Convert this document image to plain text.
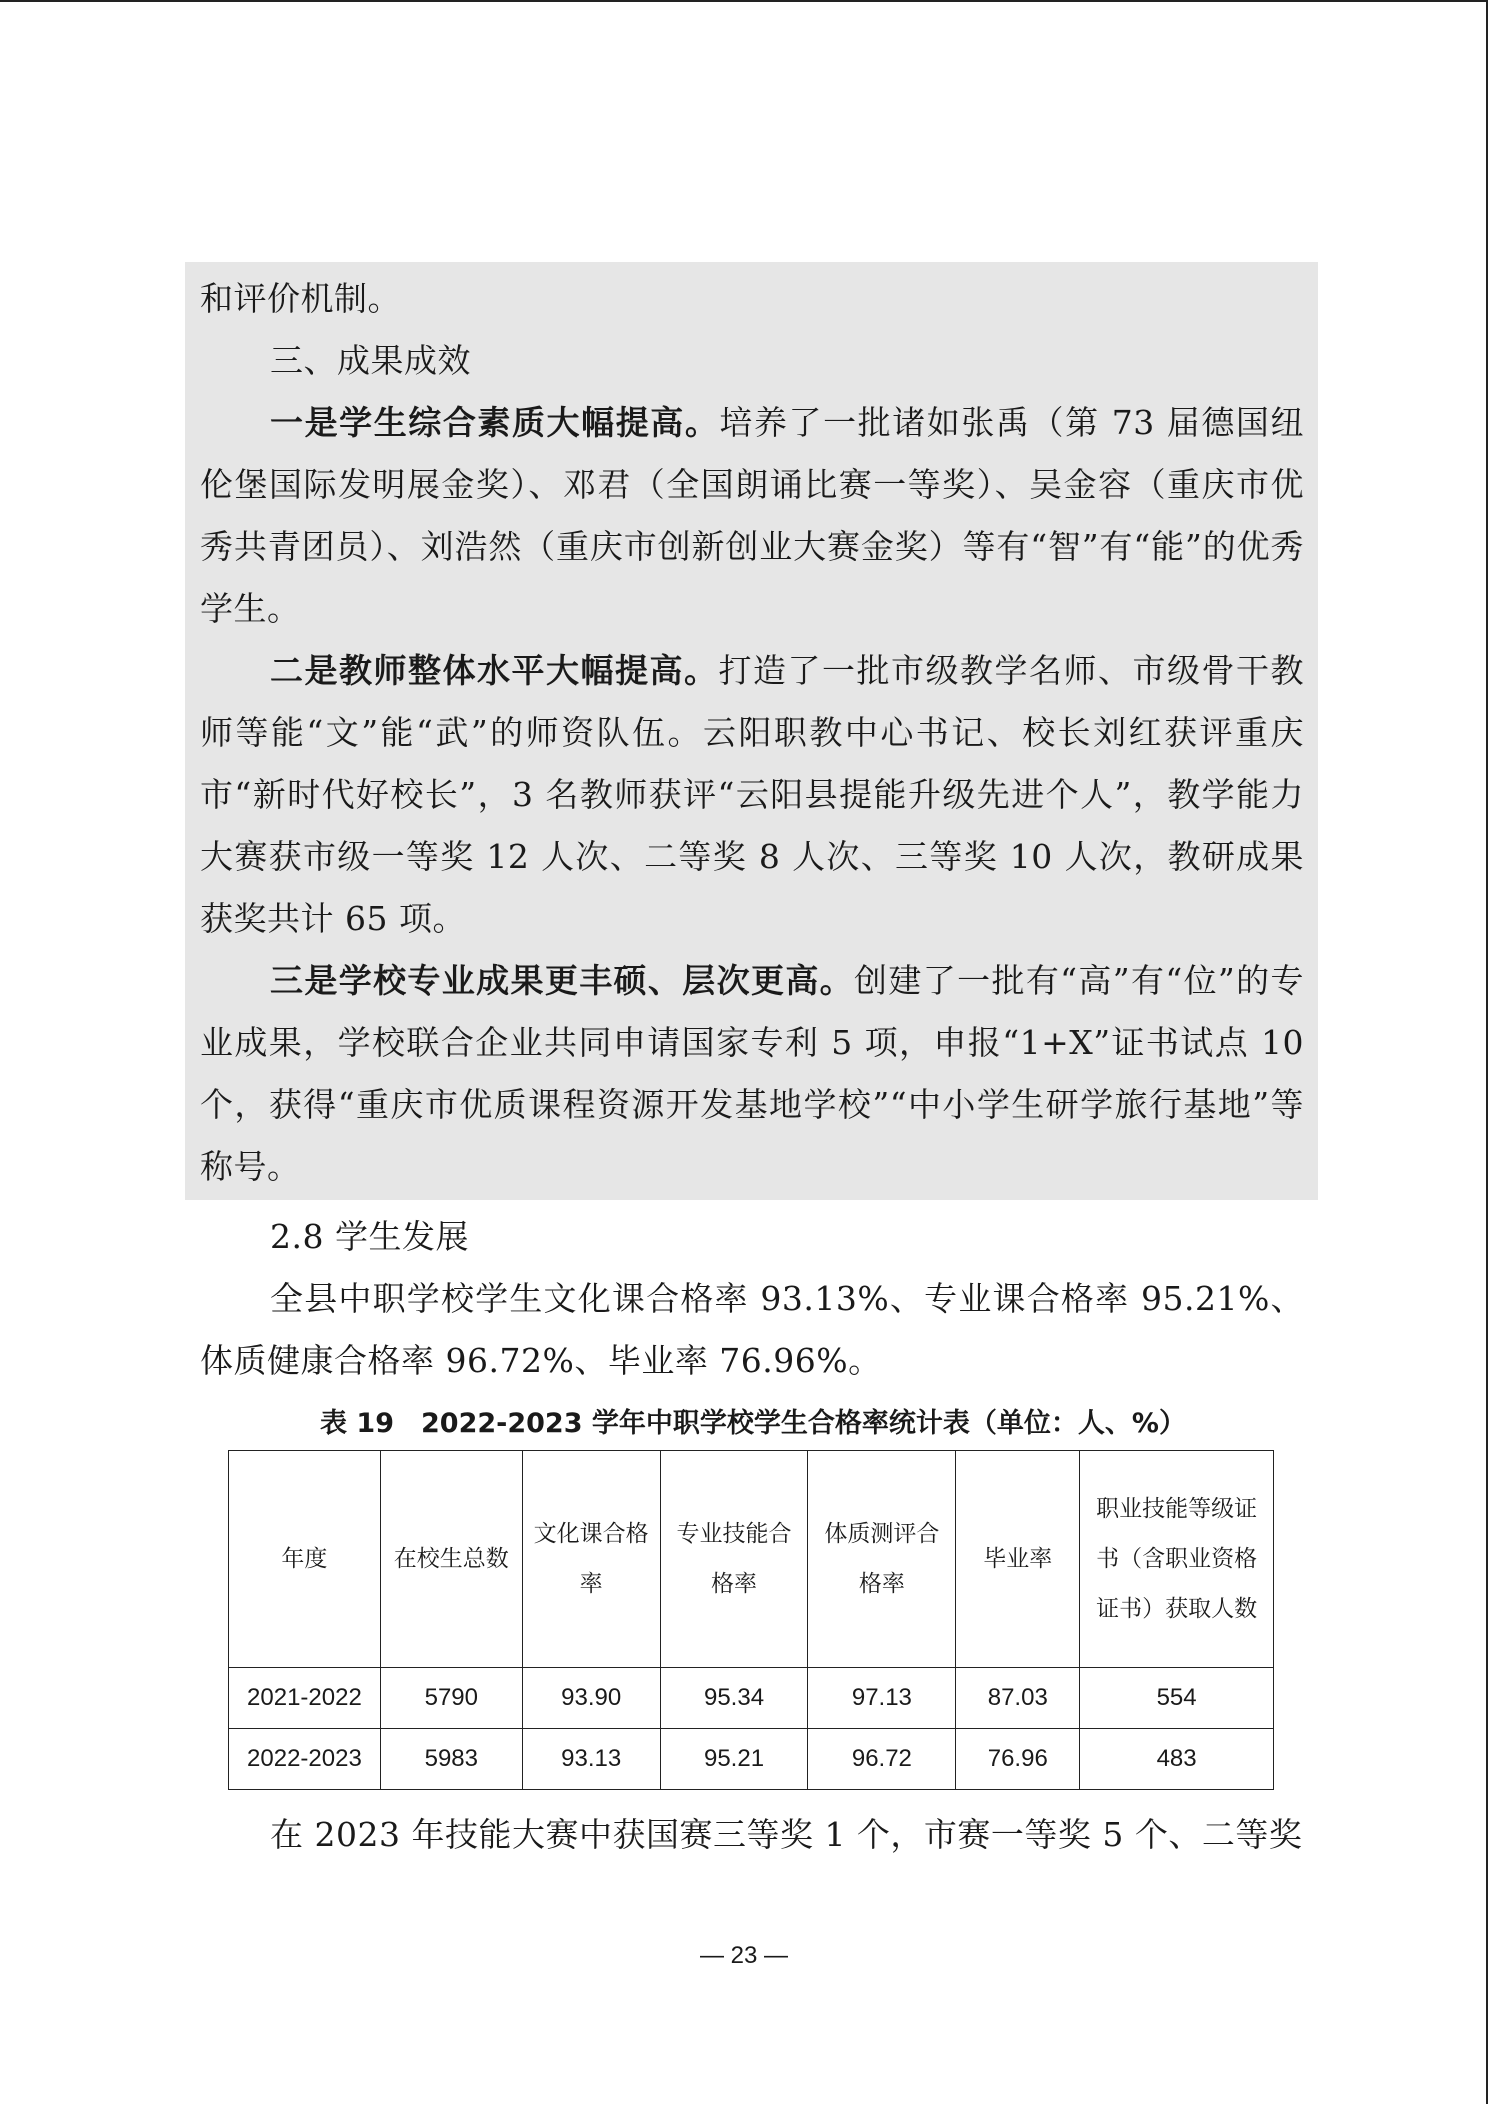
和评价机制。

三、成果成效

一是学生综合素质大幅提高。培养了一批诸如张禹（第 73 届德国纽伦堡国际发明展金奖）、邓君（全国朗诵比赛一等奖）、吴金容（重庆市优秀共青团员）、刘浩然（重庆市创新创业大赛金奖）等有“智”有“能”的优秀学生。

二是教师整体水平大幅提高。打造了一批市级教学名师、市级骨干教师等能“文”能“武”的师资队伍。云阳职教中心书记、校长刘红获评重庆市“新时代好校长”，3 名教师获评“云阳县提能升级先进个人”，教学能力大赛获市级一等奖 12 人次、二等奖 8 人次、三等奖 10 人次，教研成果获奖共计 65 项。

三是学校专业成果更丰硕、层次更高。创建了一批有“高”有“位”的专业成果，学校联合企业共同申请国家专利 5 项，申报“1+X”证书试点 10 个，获得“重庆市优质课程资源开发基地学校”“中小学生研学旅行基地”等称号。

2.8 学生发展

全县中职学校学生文化课合格率 93.13%、专业课合格率 95.21%、体质健康合格率 96.72%、毕业率 76.96%。

表 19　2022-2023 学年中职学校学生合格率统计表（单位：人、%）
年度	在校生总数	文化课合格率	专业技能合格率	体质测评合格率	毕业率	职业技能等级证书（含职业资格证书）获取人数
2021-2022	5790	93.90	95.34	97.13	87.03	554
2022-2023	5983	93.13	95.21	96.72	76.96	483

在 2023 年技能大赛中获国赛三等奖 1 个，市赛一等奖 5 个、二等奖

— 23 —
